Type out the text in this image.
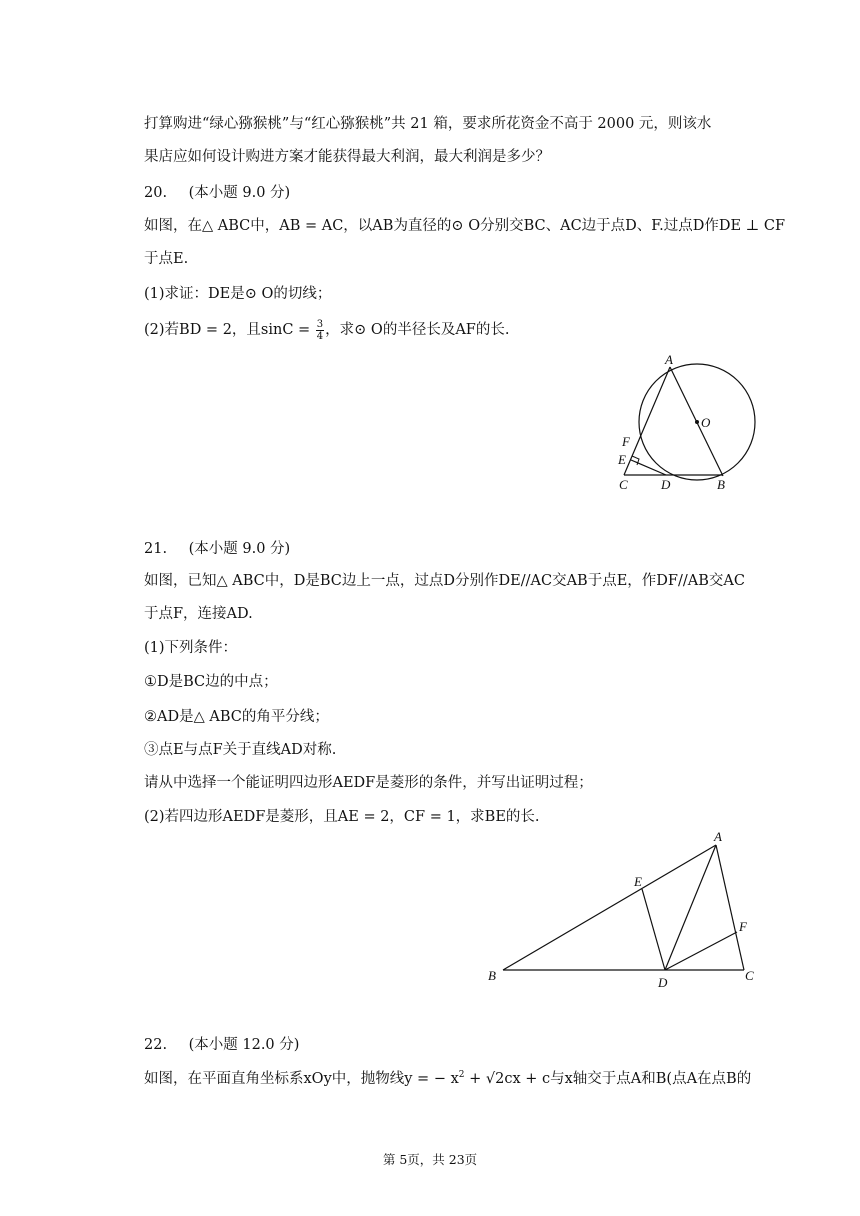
打算购进“绿心猕猴桃”与“红心猕猴桃”共 21 箱，要求所花资金不高于 2000 元，则该水
果店应如何设计购进方案才能获得最大利润，最大利润是多少？
20. (本小题 9.0 分)
如图，在△ ABC中，AB = AC，以AB为直径的⊙ O分别交BC、AC边于点D、F.过点D作DE ⊥ CF
于点E.
(1)求证：DE是⊙ O的切线；
(2)若BD = 2，且$\sin C = \frac{3}{4}$ ，求⊙ O的半径长及AF的长.
A
O
F
E
C	D	B
21. (本小题 9.0 分)
如图，已知△ ABC中，D是BC边上一点，过点D分别作DE//AC交AB于点E，作DF//AB交AC
于点F，连接AD.
(1)下列条件：
①D是BC边的中点；
②AD是△ ABC的角平分线；
③点E与点F关于直线AD对称.
请从中选择一个能证明四边形AEDF是菱形的条件，并写出证明过程；
(2)若四边形AEDF是菱形，且AE = 2，CF = 1，求BE的长.
A
E
F
B	D	C
22. (本小题 12.0 分)
如图，在平面直角坐标系xOy中，抛物线y = − $x^2 + √2cx + c$与x轴交于点A和B(点A在点B的
第 5页，共 23页
